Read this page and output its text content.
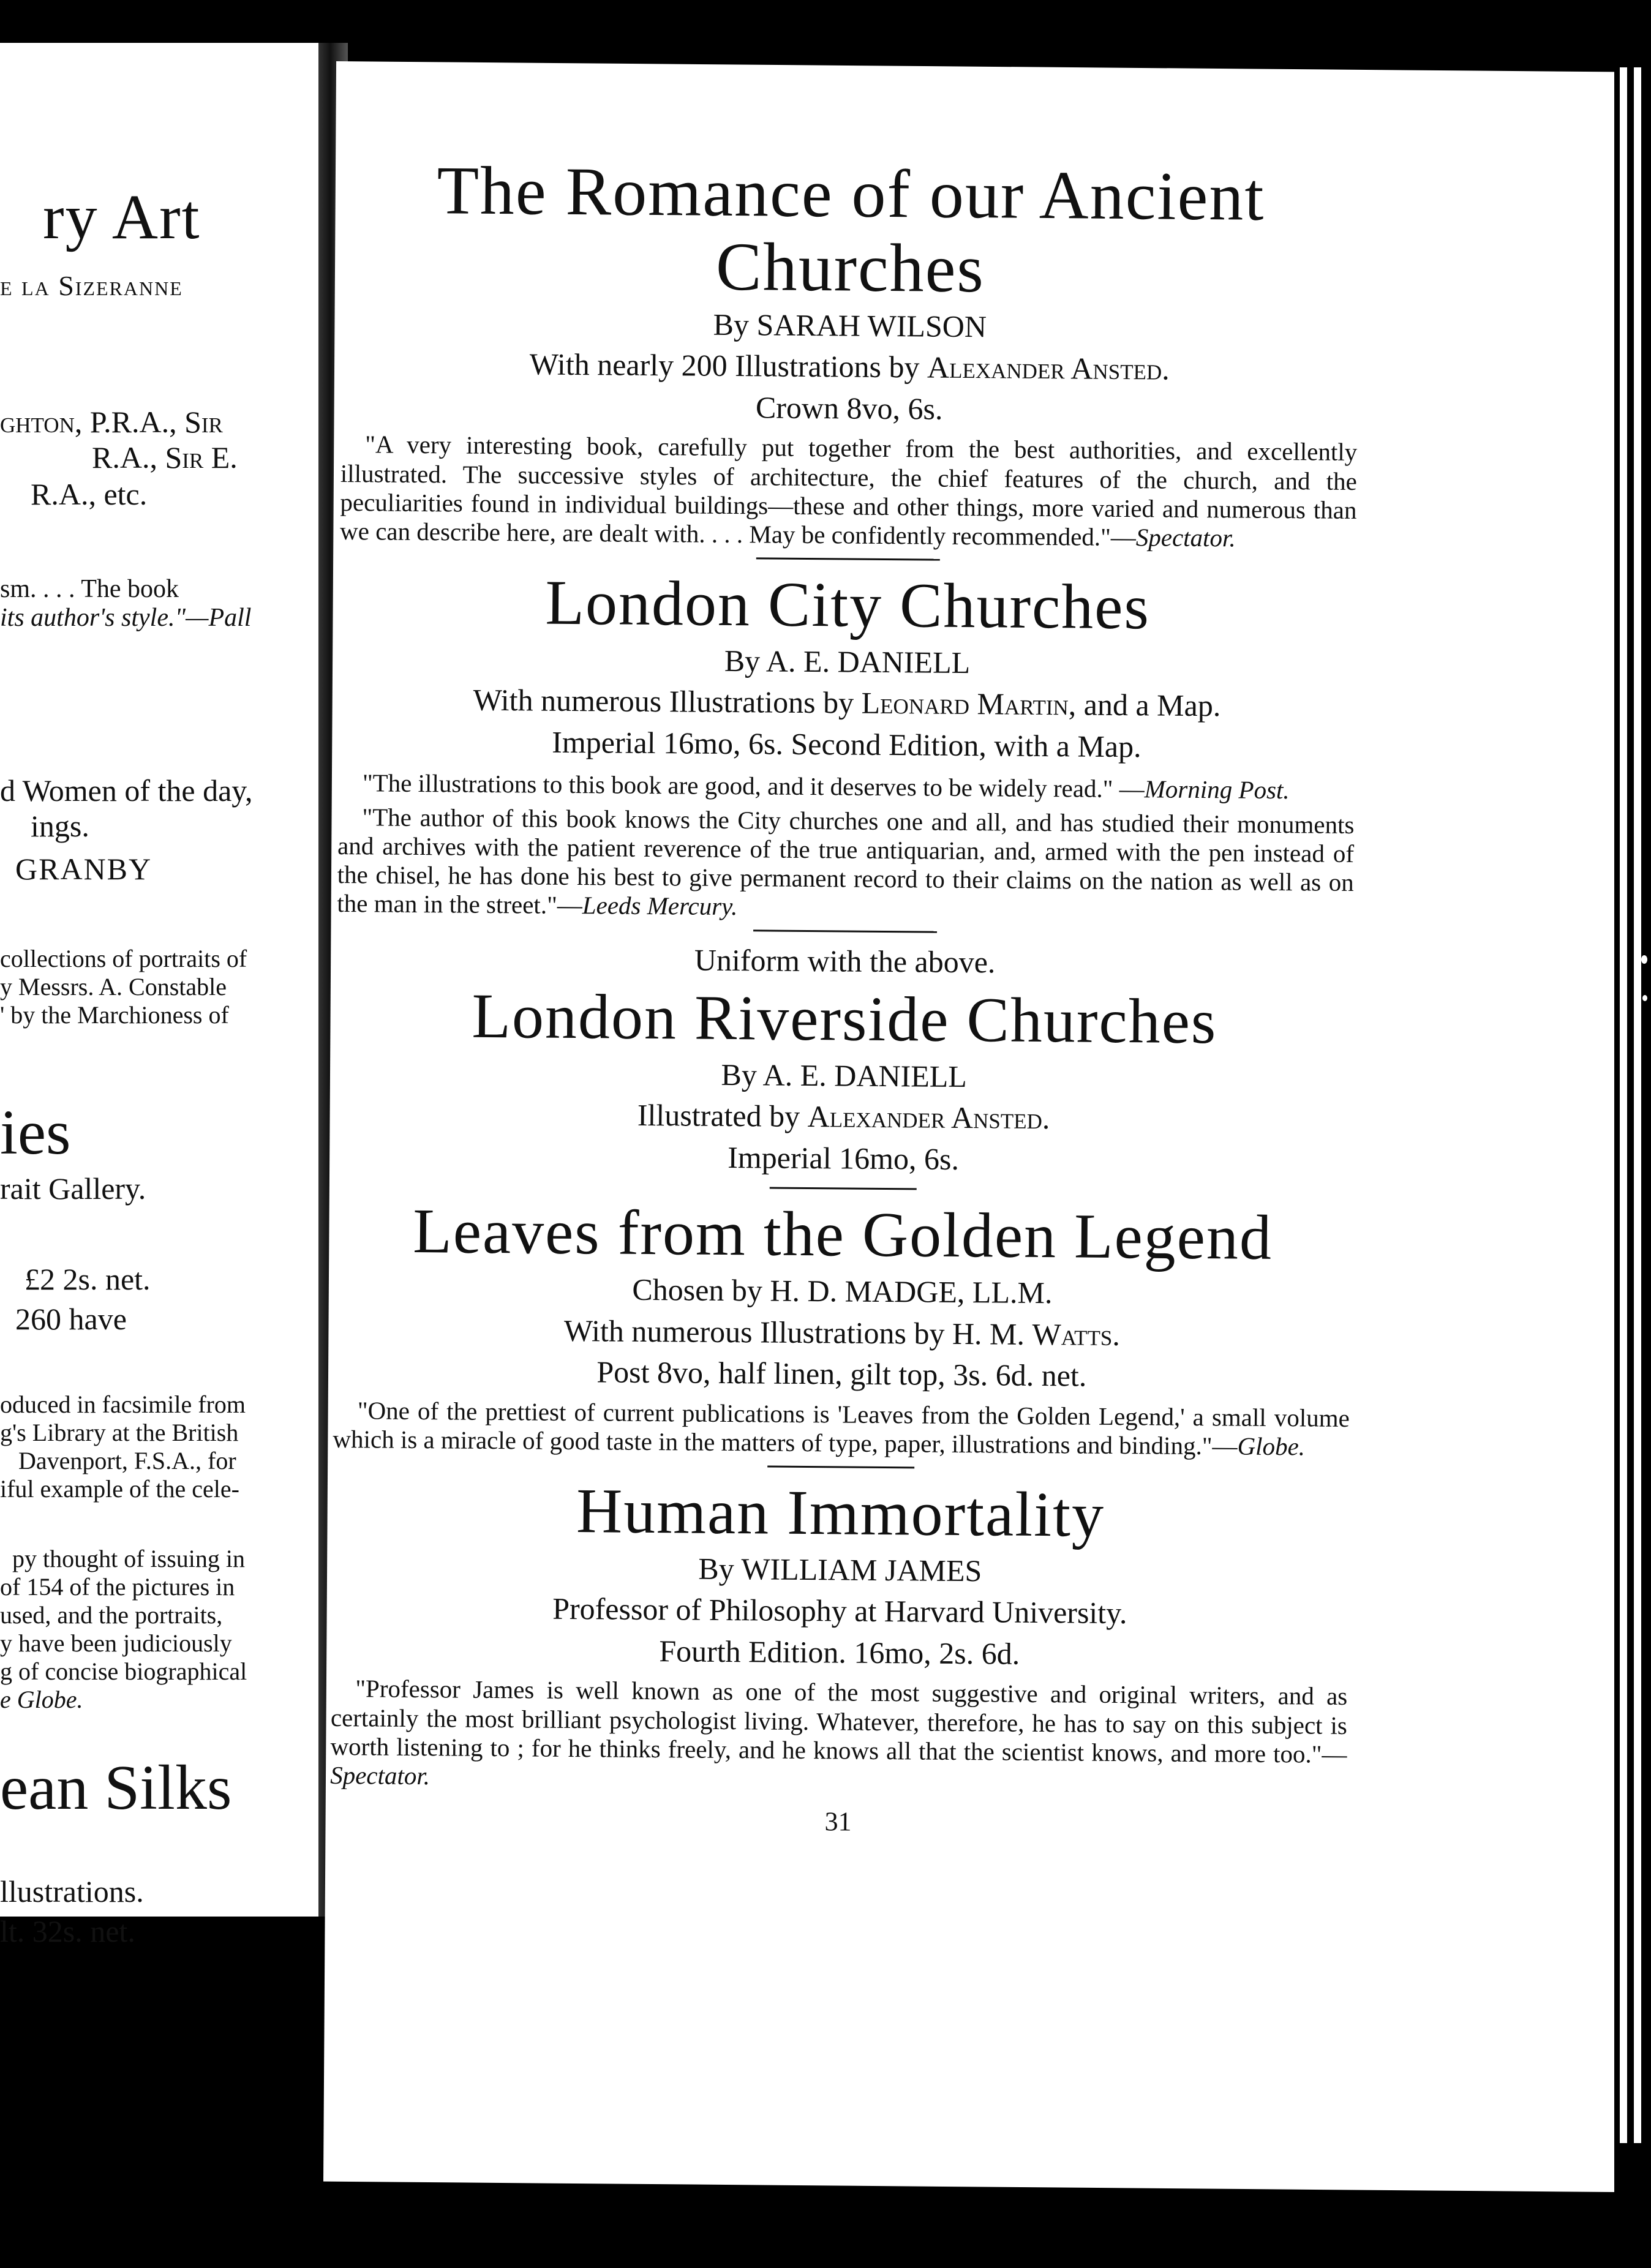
ry Art
e la Sizeranne
ghton, P.R.A., Sir
R.A., Sir E.
R.A., etc.
sm. . . . The book
its author's style."—Pall
d Women of the day,
ings.
GRANBY
collections of portraits of
y Messrs. A. Constable
' by the Marchioness of
ies
rait Gallery.
£2 2s. net.
260 have
oduced in facsimile from
g's Library at the British
Davenport, F.S.A., for
iful example of the cele-
py thought of issuing in
of 154 of the pictures in
used, and the portraits,
y have been judiciously
g of concise biographical
e Globe.
ean Silks
llustrations.
lt. 32s. net.
The Romance of our Ancient
Churches
By SARAH WILSON
With nearly 200 Illustrations by Alexander Ansted.
Crown 8vo, 6s.

"A very interesting book, carefully put together from the best authorities, and excellently illustrated. The successive styles of architecture, the chief features of the church, and the peculiarities found in individual buildings—these and other things, more varied and numerous than we can describe here, are dealt with. . . . May be confidently recommended."—Spectator.

London City Churches
By A. E. DANIELL
With numerous Illustrations by Leonard Martin, and a Map.
Imperial 16mo, 6s. Second Edition, with a Map.

"The illustrations to this book are good, and it deserves to be widely read." —Morning Post.

"The author of this book knows the City churches one and all, and has studied their monuments and archives with the patient reverence of the true antiquarian, and, armed with the pen instead of the chisel, he has done his best to give permanent record to their claims on the nation as well as on the man in the street."—Leeds Mercury.

Uniform with the above.
London Riverside Churches
By A. E. DANIELL
Illustrated by Alexander Ansted.
Imperial 16mo, 6s.
Leaves from the Golden Legend
Chosen by H. D. MADGE, LL.M.
With numerous Illustrations by H. M. Watts.
Post 8vo, half linen, gilt top, 3s. 6d. net.

"One of the prettiest of current publications is 'Leaves from the Golden Legend,' a small volume which is a miracle of good taste in the matters of type, paper, illustrations and binding."—Globe.

Human Immortality
By WILLIAM JAMES
Professor of Philosophy at Harvard University.
Fourth Edition. 16mo, 2s. 6d.

"Professor James is well known as one of the most suggestive and original writers, and as certainly the most brilliant psychologist living. Whatever, therefore, he has to say on this subject is worth listening to ; for he thinks freely, and he knows all that the scientist knows, and more too."—Spectator.

31
